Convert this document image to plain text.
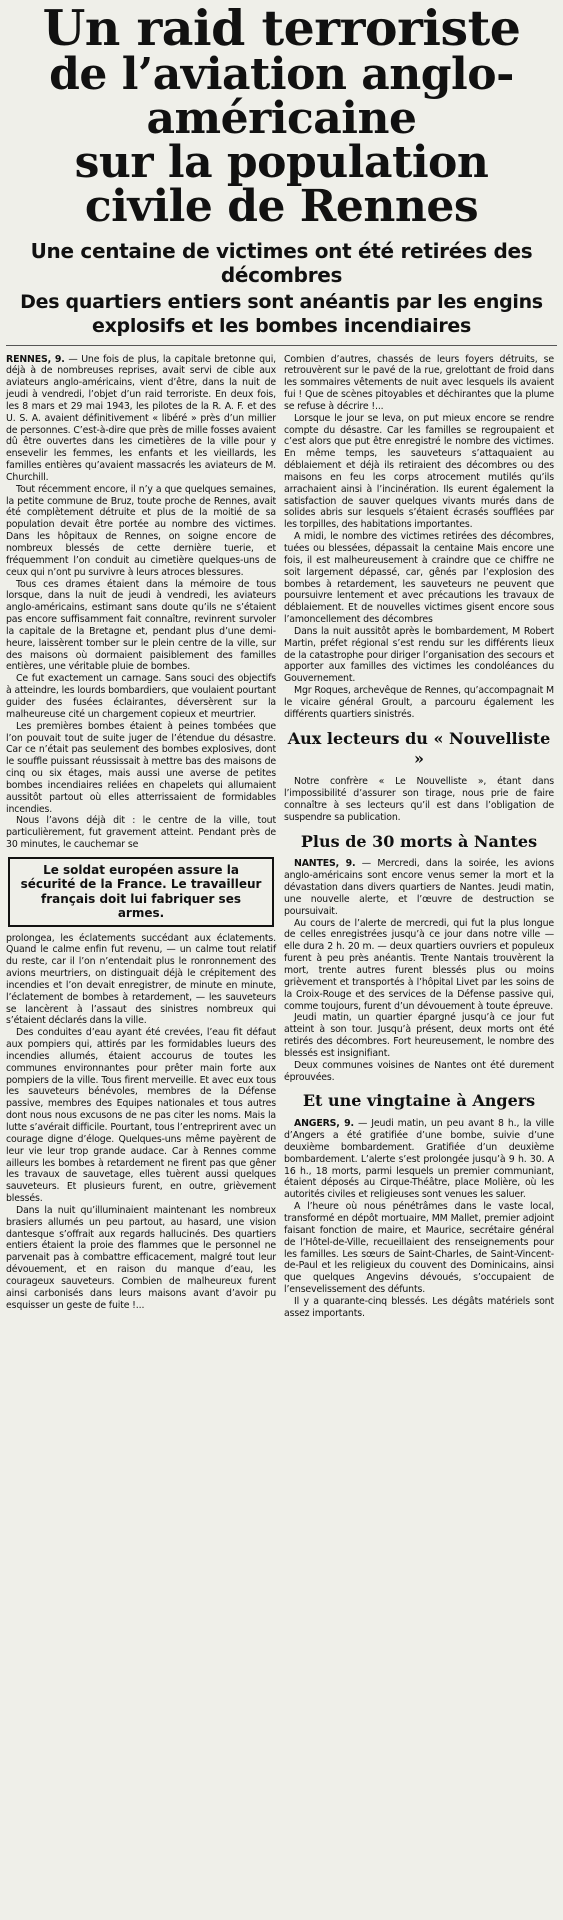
Un raid terroriste
de l’aviation anglo-américaine
sur la population civile de Rennes
Une centaine de victimes ont été retirées des décombres
Des quartiers entiers sont anéantis par les engins explosifs et les bombes incendiaires

RENNES, 9. — Une fois de plus, la capitale bretonne qui, déjà à de nombreuses reprises, avait servi de cible aux aviateurs anglo-américains, vient d’être, dans la nuit de jeudi à vendredi, l’objet d’un raid terroriste. En deux fois, les 8 mars et 29 mai 1943, les pilotes de la R. A. F. et des U. S. A. avaient définitivement « libéré » près d’un millier de personnes. C’est-à-dire que près de mille fosses avaient dû être ouvertes dans les cimetières de la ville pour y ensevelir les femmes, les enfants et les vieillards, les familles entières qu’avaient massacrés les aviateurs de M. Churchill.

Tout récemment encore, il n’y a que quelques semaines, la petite commune de Bruz, toute proche de Rennes, avait été complètement détruite et plus de la moitié de sa population devait être portée au nombre des victimes. Dans les hôpitaux de Rennes, on soigne encore de nombreux blessés de cette dernière tuerie, et fréquemment l’on conduit au cimetière quelques-uns de ceux qui n’ont pu survivre à leurs atroces blessures.

Tous ces drames étaient dans la mémoire de tous lorsque, dans la nuit de jeudi à vendredi, les aviateurs anglo-américains, estimant sans doute qu’ils ne s’étaient pas encore suffisamment fait connaître, revinrent survoler la capitale de la Bretagne et, pendant plus d’une demi-heure, laissèrent tomber sur le plein centre de la ville, sur des maisons où dormaient paisiblement des familles entières, une véritable pluie de bombes.

Ce fut exactement un carnage. Sans souci des objectifs à atteindre, les lourds bombardiers, que voulaient pourtant guider des fusées éclairantes, déversèrent sur la malheureuse cité un chargement copieux et meurtrier.

Les premières bombes étaient à peines tombées que l’on pouvait tout de suite juger de l’étendue du désastre. Car ce n’était pas seulement des bombes explosives, dont le souffle puissant réussissait à mettre bas des maisons de cinq ou six étages, mais aussi une averse de petites bombes incendiaires reliées en chapelets qui allumaient aussitôt partout où elles atterrissaient de formidables incendies.

Nous l’avons déjà dit : le centre de la ville, tout particulièrement, fut gravement atteint. Pendant près de 30 minutes, le cauchemar se

Le soldat européen assure la sécurité de la France. Le travailleur français doit lui fabriquer ses armes.

prolongea, les éclatements succédant aux éclatements. Quand le calme enfin fut revenu, — un calme tout relatif du reste, car il l’on n’entendait plus le ronronnement des avions meurtriers, on distinguait déjà le crépitement des incendies et l’on devait enregistrer, de minute en minute, l’éclatement de bombes à retardement, — les sauveteurs se lancèrent à l’assaut des sinistres nombreux qui s’étaient déclarés dans la ville.

Des conduites d’eau ayant été crevées, l’eau fit défaut aux pompiers qui, attirés par les formidables lueurs des incendies allumés, étaient accourus de toutes les communes environnantes pour prêter main forte aux pompiers de la ville. Tous firent merveille. Et avec eux tous les sauveteurs bénévoles, membres de la Défense passive, membres des Equipes nationales et tous autres dont nous nous excusons de ne pas citer les noms. Mais la lutte s’avérait difficile. Pourtant, tous l’entreprirent avec un courage digne d’éloge. Quelques-uns même payèrent de leur vie leur trop grande audace. Car à Rennes comme ailleurs les bombes à retardement ne firent pas que gêner les travaux de sauvetage, elles tuèrent aussi quelques sauveteurs. Et plusieurs furent, en outre, grièvement blessés.

Dans la nuit qu’illuminaient maintenant les nombreux brasiers allumés un peu partout, au hasard, une vision dantesque s’offrait aux regards hallucinés. Des quartiers entiers étaient la proie des flammes que le personnel ne parvenait pas à combattre efficacement, malgré tout leur dévouement, et en raison du manque d’eau, les courageux sauveteurs. Combien de malheureux furent ainsi carbonisés dans leurs maisons avant d’avoir pu esquisser un geste de fuite !...

Combien d’autres, chassés de leurs foyers détruits, se retrouvèrent sur le pavé de la rue, grelottant de froid dans les sommaires vêtements de nuit avec lesquels ils avaient fui ! Que de scènes pitoyables et déchirantes que la plume se refuse à décrire !...

Lorsque le jour se leva, on put mieux encore se rendre compte du désastre. Car les familles se regroupaient et c’est alors que put être enregistré le nombre des victimes. En même temps, les sauveteurs s’attaquaient au déblaiement et déjà ils retiraient des décombres ou des maisons en feu les corps atrocement mutilés qu’ils arrachaient ainsi à l’incinération. Ils eurent également la satisfaction de sauver quelques vivants murés dans de solides abris sur lesquels s’étaient écrasés soufflées par les torpilles, des habitations importantes.

A midi, le nombre des victimes retirées des décombres, tuées ou blessées, dépassait la centaine Mais encore une fois, il est malheureusement à craindre que ce chiffre ne soit largement dépassé, car, gênés par l’explosion des bombes à retardement, les sauveteurs ne peuvent que poursuivre lentement et avec précautions les travaux de déblaiement. Et de nouvelles victimes gisent encore sous l’amoncellement des décombres

Dans la nuit aussitôt après le bombardement, M Robert Martin, préfet régional s’est rendu sur les différents lieux de la catastrophe pour diriger l’organisation des secours et apporter aux familles des victimes les condoléances du Gouvernement.

Mgr Roques, archevêque de Rennes, qu’accompagnait M le vicaire général Groult, a parcouru également les différents quartiers sinistrés.

Aux lecteurs du « Nouvelliste »

Notre confrère « Le Nouvelliste », étant dans l’impossibilité d’assurer son tirage, nous prie de faire connaître à ses lecteurs qu’il est dans l’obligation de suspendre sa publication.

Plus de 30 morts à Nantes

NANTES, 9. — Mercredi, dans la soirée, les avions anglo-américains sont encore venus semer la mort et la dévastation dans divers quartiers de Nantes. Jeudi matin, une nouvelle alerte, et l’œuvre de destruction se poursuivait.

Au cours de l’alerte de mercredi, qui fut la plus longue de celles enregistrées jusqu’à ce jour dans notre ville — elle dura 2 h. 20 m. — deux quartiers ouvriers et populeux furent à peu près anéantis. Trente Nantais trouvèrent la mort, trente autres furent blessés plus ou moins grièvement et transportés à l’hôpital Livet par les soins de la Croix-Rouge et des services de la Défense passive qui, comme toujours, furent d’un dévouement à toute épreuve.

Jeudi matin, un quartier épargné jusqu’à ce jour fut atteint à son tour. Jusqu’à présent, deux morts ont été retirés des décombres. Fort heureusement, le nombre des blessés est insignifiant.

Deux communes voisines de Nantes ont été durement éprouvées.

Et une vingtaine à Angers

ANGERS, 9. — Jeudi matin, un peu avant 8 h., la ville d’Angers a été gratifiée d’une bombe, suivie d’une deuxième bombardement. Gratifiée d’un deuxième bombardement. L’alerte s’est prolongée jusqu’à 9 h. 30. A 16 h., 18 morts, parmi lesquels un premier communiant, étaient déposés au Cirque-Théâtre, place Molière, où les autorités civiles et religieuses sont venues les saluer.

A l’heure où nous pénétrâmes dans le vaste local, transformé en dépôt mortuaire, MM Mallet, premier adjoint faisant fonction de maire, et Maurice, secrétaire général de l’Hôtel-de-Ville, recueillaient des renseignements pour les familles. Les sœurs de Saint-Charles, de Saint-Vincent-de-Paul et les religieux du couvent des Dominicains, ainsi que quelques Angevins dévoués, s’occupaient de l’ensevelissement des défunts.

Il y a quarante-cinq blessés. Les dégâts matériels sont assez importants.
